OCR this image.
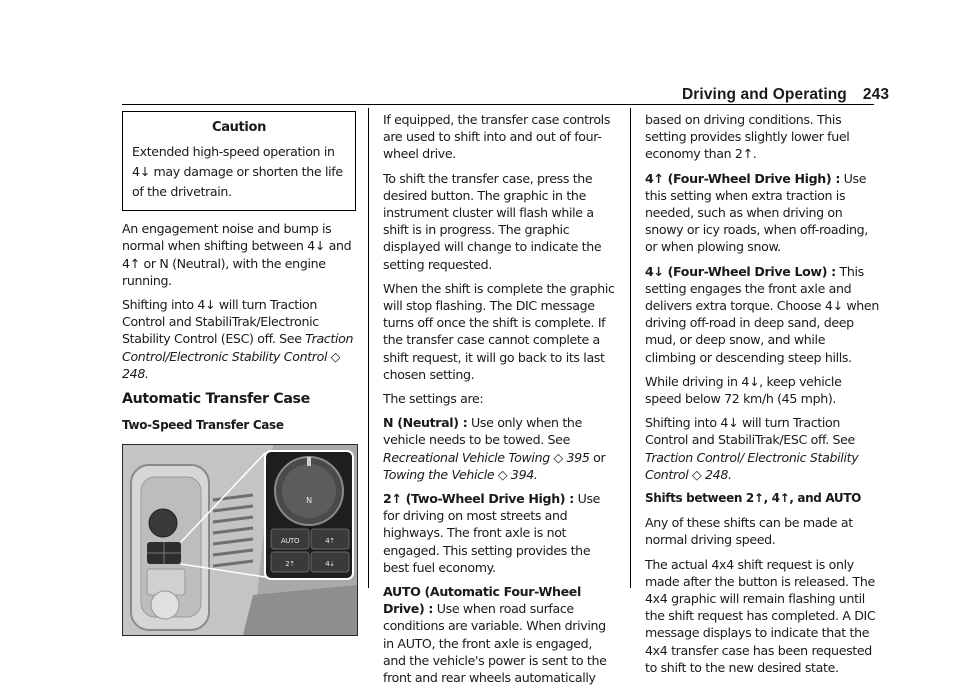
Driving and Operating 243
Caution
Extended high-speed operation in 4↓ may damage or shorten the life of the drivetrain.

An engagement noise and bump is normal when shifting between 4↓ and 4↑ or N (Neutral), with the engine running.

Shifting into 4↓ will turn Traction Control and StabiliTrak/Electronic Stability Control (ESC) off. See Traction Control/Electronic Stability Control ◇ 248.

Automatic Transfer Case
Two-Speed Transfer Case
N
AUTO	4⇡
2⇡	4⇣

If equipped, the transfer case controls are used to shift into and out of four-wheel drive.

To shift the transfer case, press the desired button. The graphic in the instrument cluster will flash while a shift is in progress. The graphic displayed will change to indicate the setting requested.

When the shift is complete the graphic will stop flashing. The DIC message turns off once the shift is complete. If the transfer case cannot complete a shift request, it will go back to its last chosen setting.

The settings are:

N (Neutral) : Use only when the vehicle needs to be towed. See Recreational Vehicle Towing ◇ 395 or
Towing the Vehicle ◇ 394.

2↑ (Two-Wheel Drive High) : Use for driving on most streets and highways. The front axle is not engaged. This setting provides the best fuel economy.

AUTO (Automatic Four-Wheel Drive) : Use when road surface conditions are variable. When driving in AUTO, the front axle is engaged, and the vehicle's power is sent to the front and rear wheels automatically

based on driving conditions. This setting provides slightly lower fuel economy than 2↑.

4↑ (Four-Wheel Drive High) : Use this setting when extra traction is needed, such as when driving on snowy or icy roads, when off-roading, or when plowing snow.

4↓ (Four-Wheel Drive Low) : This setting engages the front axle and delivers extra torque. Choose 4↓ when driving off-road in deep sand, deep mud, or deep snow, and while climbing or descending steep hills.

While driving in 4↓, keep vehicle speed below 72 km/h (45 mph).

Shifting into 4↓ will turn Traction Control and StabiliTrak/ESC off. See Traction Control/ Electronic Stability Control ◇ 248.

Shifts between 2↑, 4↑, and AUTO

Any of these shifts can be made at normal driving speed.

The actual 4x4 shift request is only made after the button is released. The 4x4 graphic will remain flashing until the shift request has completed. A DIC message displays to indicate that the 4x4 transfer case has been requested to shift to the new desired state.
